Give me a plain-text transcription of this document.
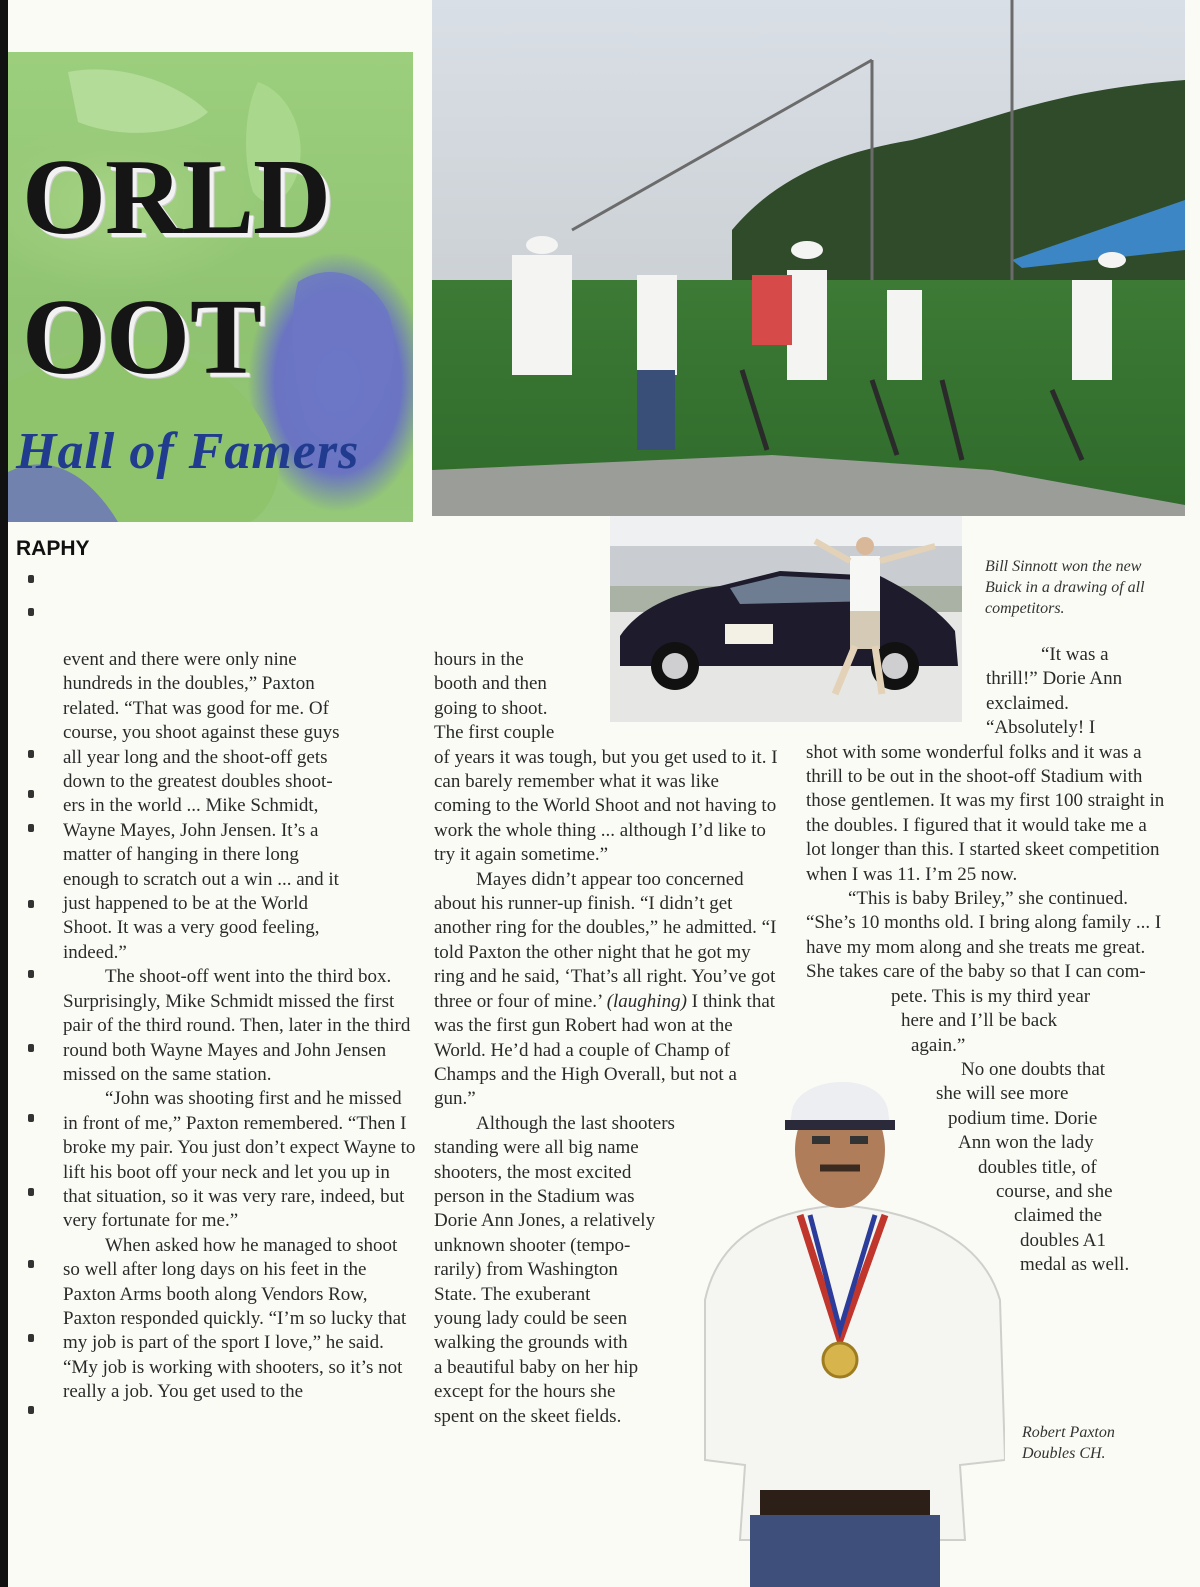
ORLD
OOT
Hall of Famers
RAPHY

Bill Sinnott won the new Buick in a drawing of all competitors.

Robert Paxton
Doubles CH.

event and there were only nine
hundreds in the doubles,” Paxton
related. “That was good for me. Of
course, you shoot against these guys
all year long and the shoot-off gets
down to the greatest doubles shoot-
ers in the world ... Mike Schmidt,
Wayne Mayes, John Jensen. It’s a
matter of hanging in there long
enough to scratch out a win ... and it
just happened to be at the World
Shoot. It was a very good feeling,
indeed.”

The shoot-off went into the third box. Surprisingly, Mike Schmidt missed the first pair of the third round. Then, later in the third round both Wayne Mayes and John Jensen missed on the same station.

“John was shooting first and he missed in front of me,” Paxton remembered. “Then I broke my pair. You just don’t expect Wayne to lift his boot off your neck and let you up in that situation, so it was very rare, indeed, but very fortunate for me.”

When asked how he managed to shoot so well after long days on his feet in the Paxton Arms booth along Vendors Row, Paxton responded quickly. “I’m so lucky that my job is part of the sport I love,” he said. “My job is working with shooters, so it’s not really a job. You get used to the

hours in the
booth and then
going to shoot.
The first couple

of years it was tough, but you get used to it. I can barely remember what it was like coming to the World Shoot and not having to work the whole thing ... although I’d like to try it again sometime.”

Mayes didn’t appear too concerned about his runner-up finish. “I didn’t get another ring for the doubles,” he admitted. “I told Paxton the other night that he got my ring and he said, ‘That’s all right. You’ve got three or four of mine.’ (laughing) I think that was the first gun Robert had won at the World. He’d had a couple of Champ of Champs and the High Overall, but not a gun.”

Although the last shooters
standing were all big name
shooters, the most excited
person in the Stadium was
Dorie Ann Jones, a relatively
unknown shooter (tempo-
rarily) from Washington
State. The exuberant
young lady could be seen
walking the grounds with
a beautiful baby on her hip
except for the hours she
spent on the skeet fields.
“It was a
thrill!” Dorie Ann
exclaimed.
“Absolutely! I

shot with some wonderful folks and it was a thrill to be out in the shoot-off Stadium with those gentlemen. It was my first 100 straight in the doubles. I figured that it would take me a lot longer than this. I started skeet competition when I was 11. I’m 25 now.

“This is baby Briley,” she continued. “She’s 10 months old. I bring along family ... I have my mom along and she treats me great. She takes care of the baby so that I can com-

pete. This is my third year
here and I’ll be back
again.”
No one doubts that
she will see more
podium time. Dorie
Ann won the lady
doubles title, of
course, and she
claimed the
doubles A1
medal as well.
